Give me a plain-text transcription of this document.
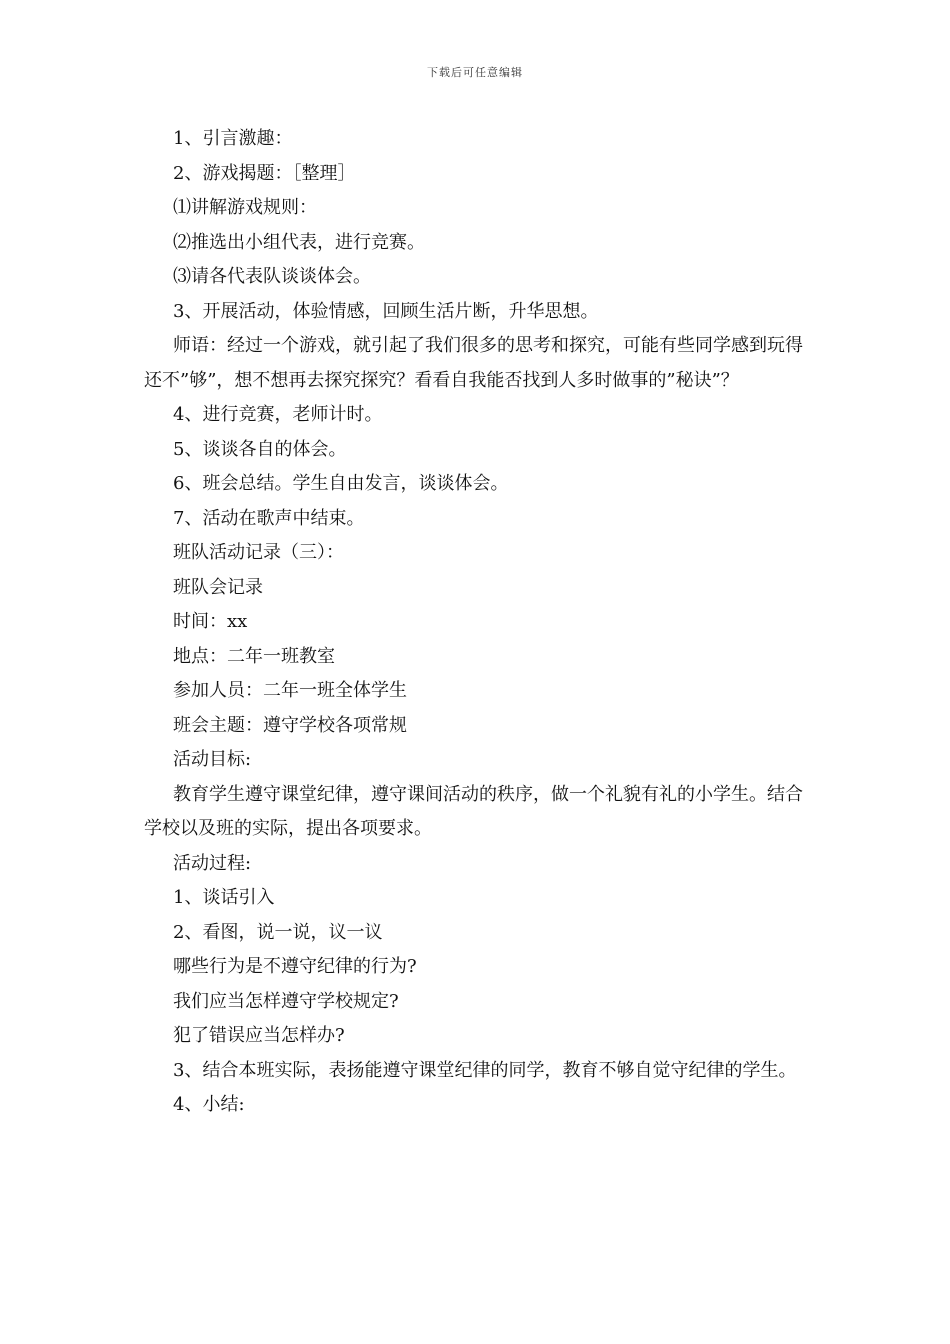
下载后可任意编辑

1、引言激趣：

2、游戏揭题：［整理］

⑴讲解游戏规则：

⑵推选出小组代表，进行竞赛。

⑶请各代表队谈谈体会。

3、开展活动，体验情感，回顾生活片断，升华思想。

师语：经过一个游戏，就引起了我们很多的思考和探究，可能有些同学感到玩得还不”够”，想不想再去探究探究？看看自我能否找到人多时做事的”秘诀”？

4、进行竞赛，老师计时。

5、谈谈各自的体会。

6、班会总结。学生自由发言，谈谈体会。

7、活动在歌声中结束。

班队活动记录（三）：

班队会记录

时间：xx

地点：二年一班教室

参加人员：二年一班全体学生

班会主题：遵守学校各项常规

活动目标:

教育学生遵守课堂纪律，遵守课间活动的秩序，做一个礼貌有礼的小学生。结合学校以及班的实际，提出各项要求。

活动过程:

1、谈话引入

2、看图，说一说，议一议

哪些行为是不遵守纪律的行为?

我们应当怎样遵守学校规定?

犯了错误应当怎样办?

3、结合本班实际，表扬能遵守课堂纪律的同学，教育不够自觉守纪律的学生。

4、小结:
